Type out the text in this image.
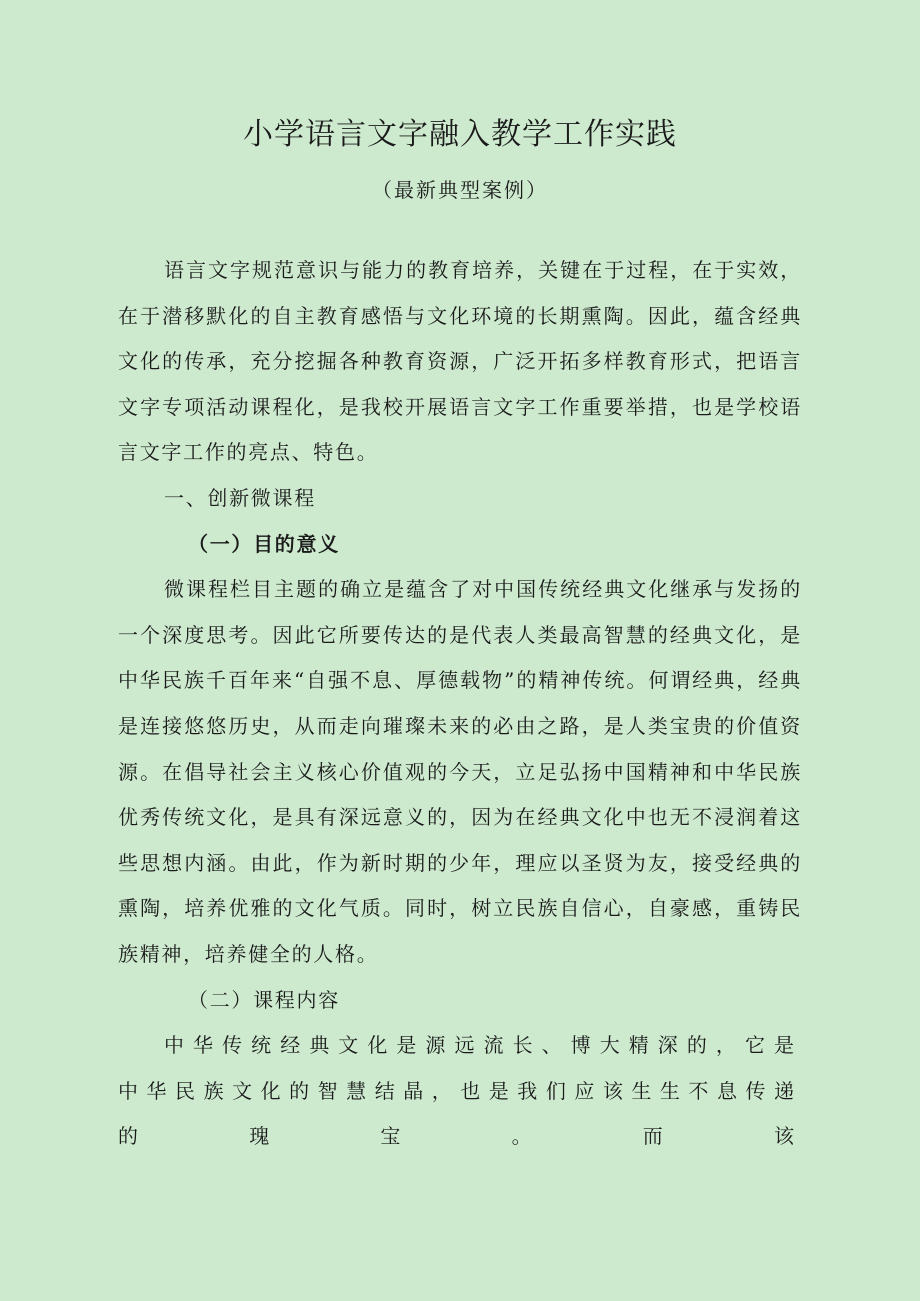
小学语言文字融入教学工作实践
（最新典型案例）

语言文字规范意识与能力的教育培养，关键在于过程，在于实效，在于潜移默化的自主教育感悟与文化环境的长期熏陶。因此，蕴含经典文化的传承，充分挖掘各种教育资源，广泛开拓多样教育形式，把语言文字专项活动课程化，是我校开展语言文字工作重要举措，也是学校语言文字工作的亮点、特色。

一、创新微课程

（一）目的意义

微课程栏目主题的确立是蕴含了对中国传统经典文化继承与发扬的一个深度思考。因此它所要传达的是代表人类最高智慧的经典文化，是中华民族千百年来“自强不息、厚德载物”的精神传统。何谓经典，经典是连接悠悠历史，从而走向璀璨未来的必由之路，是人类宝贵的价值资源。在倡导社会主义核心价值观的今天，立足弘扬中国精神和中华民族优秀传统文化，是具有深远意义的，因为在经典文化中也无不浸润着这些思想内涵。由此，作为新时期的少年，理应以圣贤为友，接受经典的熏陶，培养优雅的文化气质。同时，树立民族自信心，自豪感，重铸民族精神，培养健全的人格。

（二）课程内容

中华传统经典文化是源远流长、博大精深的，它是中华民族文化的智慧结晶，也是我们应该生生不息传递的瑰宝。而该
